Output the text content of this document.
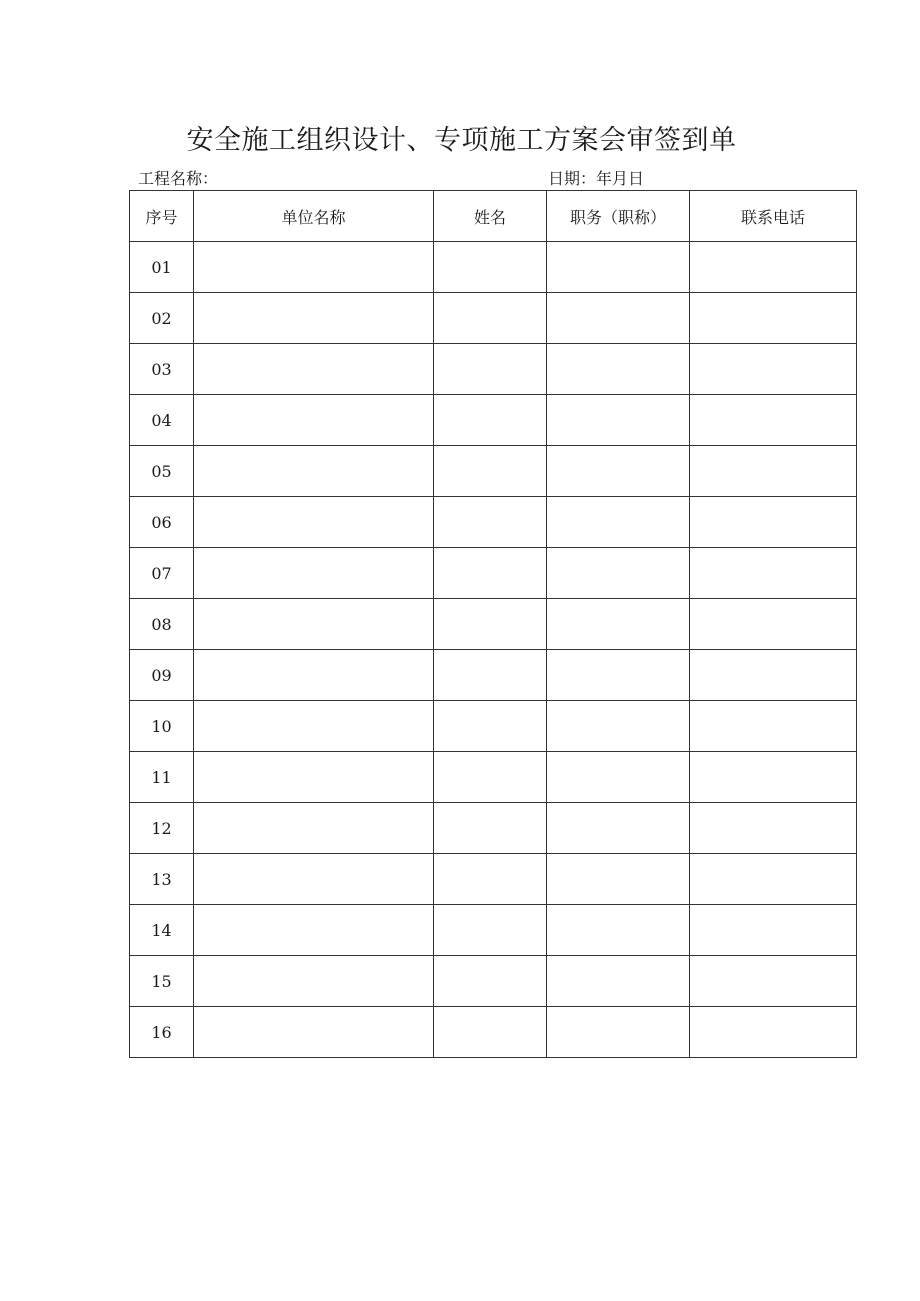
安全施工组织设计、专项施工方案会审签到单
工程名称：	日期：年月日
序号	单位名称	姓名	职务（职称）	联系电话
01				
02				
03				
04				
05				
06				
07				
08				
09				
10				
11				
12				
13				
14				
15				
16				
